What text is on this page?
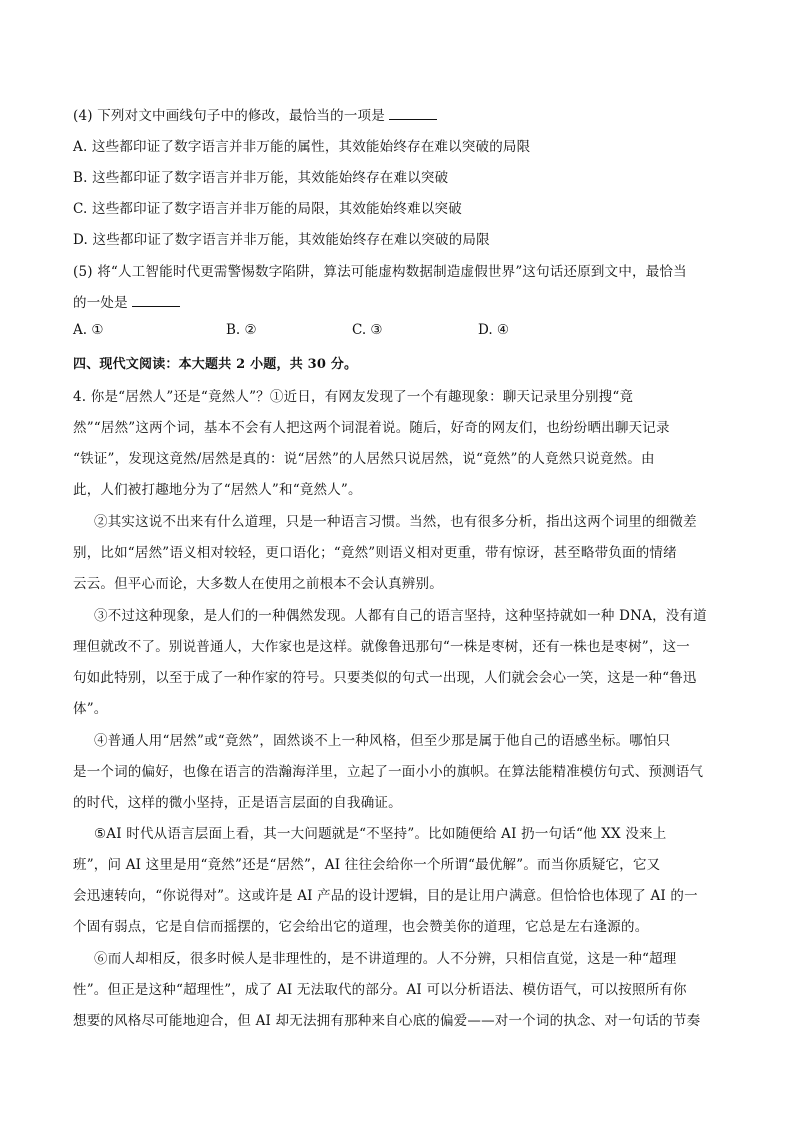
(4) 下列对文中画线句子中的修改，最恰当的一项是
A. 这些都印证了数字语言并非万能的属性，其效能始终存在难以突破的局限
B. 这些都印证了数字语言并非万能，其效能始终存在难以突破
C. 这些都印证了数字语言并非万能的局限，其效能始终难以突破
D. 这些都印证了数字语言并非万能，其效能始终存在难以突破的局限
(5) 将“人工智能时代更需警惕数字陷阱，算法可能虚构数据制造虚假世界”这句话还原到文中，最恰当
的一处是
A. ①	B. ②	C. ③	D. ④
四、现代文阅读：本大题共 2 小题，共 30 分。
4. 你是“居然人”还是“竟然人”？①近日，有网友发现了一个有趣现象：聊天记录里分别搜“竟
然”“居然”这两个词，基本不会有人把这两个词混着说。随后，好奇的网友们，也纷纷晒出聊天记录
“铁证”，发现这竟然/居然是真的：说“居然”的人居然只说居然，说“竟然”的人竟然只说竟然。由
此，人们被打趣地分为了“居然人”和“竟然人”。
②其实这说不出来有什么道理，只是一种语言习惯。当然，也有很多分析，指出这两个词里的细微差
别，比如“居然”语义相对较轻，更口语化；“竟然”则语义相对更重，带有惊讶，甚至略带负面的情绪
云云。但平心而论，大多数人在使用之前根本不会认真辨别。
③不过这种现象，是人们的一种偶然发现。人都有自己的语言坚持，这种坚持就如一种 DNA，没有道
理但就改不了。别说普通人，大作家也是这样。就像鲁迅那句“一株是枣树，还有一株也是枣树”，这一
句如此特别，以至于成了一种作家的符号。只要类似的句式一出现，人们就会会心一笑，这是一种“鲁迅
体”。
④普通人用“居然”或“竟然”，固然谈不上一种风格，但至少那是属于他自己的语感坐标。哪怕只
是一个词的偏好，也像在语言的浩瀚海洋里，立起了一面小小的旗帜。在算法能精准模仿句式、预测语气
的时代，这样的微小坚持，正是语言层面的自我确证。
⑤AI 时代从语言层面上看，其一大问题就是“不坚持”。比如随便给 AI 扔一句话“他 XX 没来上
班”，问 AI 这里是用“竟然”还是“居然”，AI 往往会给你一个所谓“最优解”。而当你质疑它，它又
会迅速转向，“你说得对”。这或许是 AI 产品的设计逻辑，目的是让用户满意。但恰恰也体现了 AI 的一
个固有弱点，它是自信而摇摆的，它会给出它的道理，也会赞美你的道理，它总是左右逢源的。
⑥而人却相反，很多时候人是非理性的，是不讲道理的。人不分辨，只相信直觉，这是一种“超理
性”。但正是这种“超理性”，成了 AI 无法取代的部分。AI 可以分析语法、模仿语气，可以按照所有你
想要的风格尽可能地迎合，但 AI 却无法拥有那种来自心底的偏爱——对一个词的执念、对一句话的节奏
